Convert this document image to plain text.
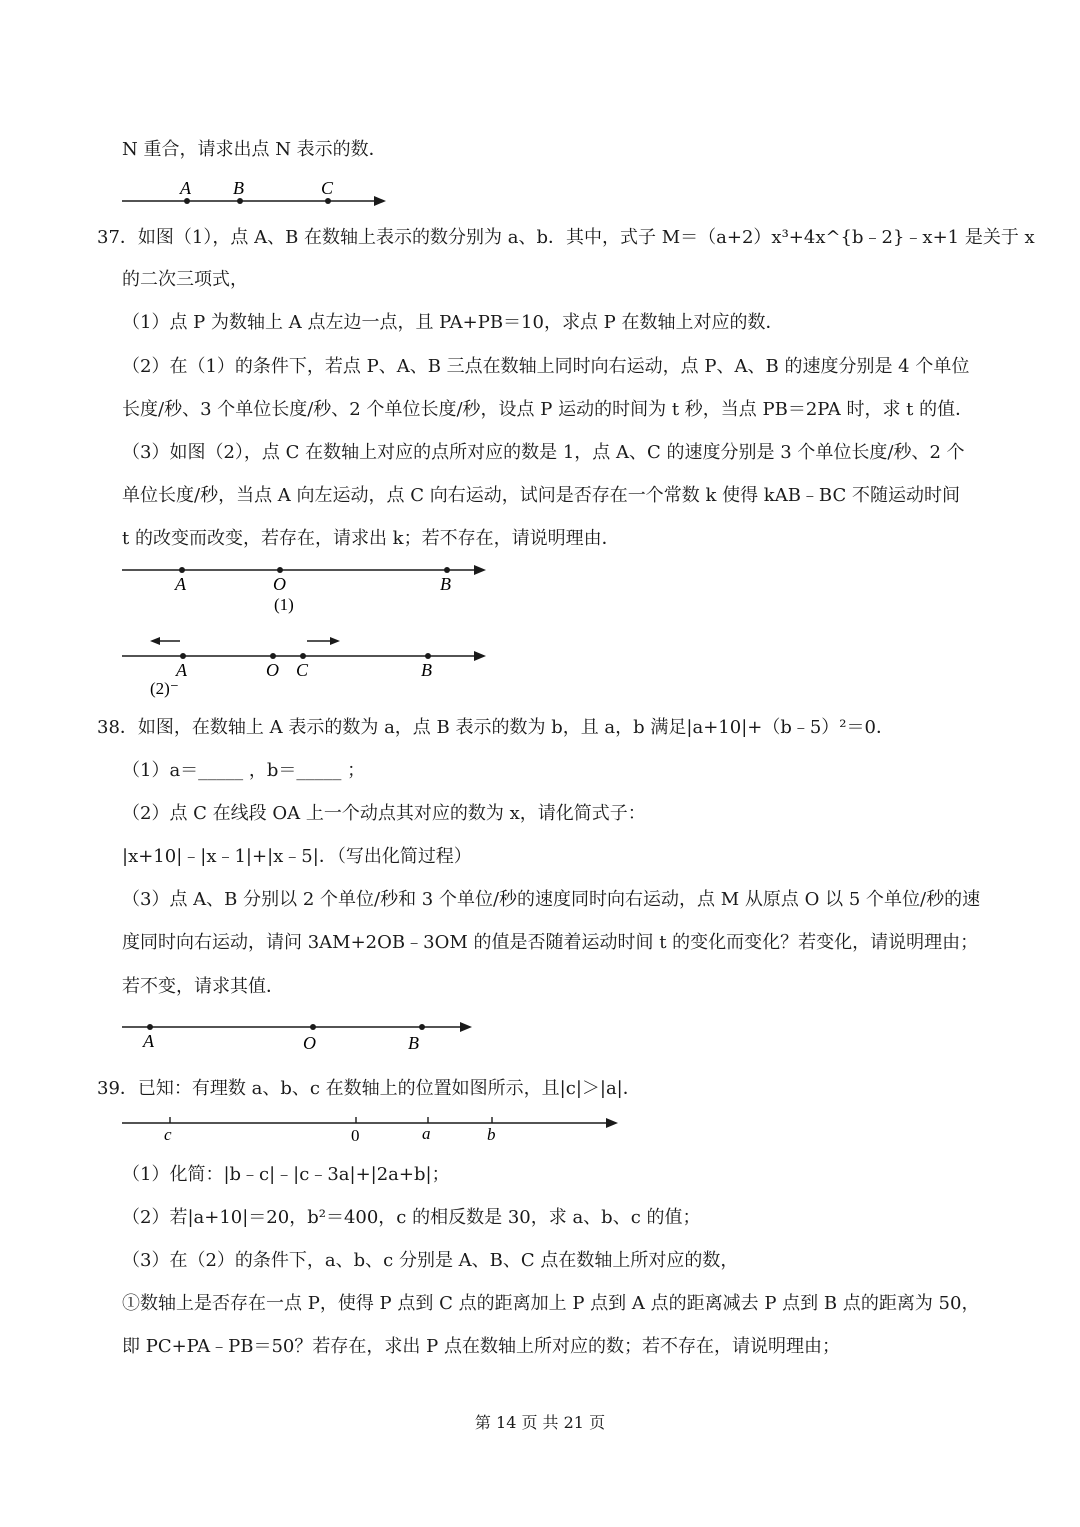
N 重合，请求出点 N 表示的数．
A B	C
37．如图（1），点 A、B 在数轴上表示的数分别为 a、b．其中，式子 M＝（a+2）x³+4x^{b﹣2}﹣x+1 是关于 x
的二次三项式，
（1）点 P 为数轴上 A 点左边一点，且 PA+PB＝10，求点 P 在数轴上对应的数．
（2）在（1）的条件下，若点 P、A、B 三点在数轴上同时向右运动，点 P、A、B 的速度分别是 4 个单位
长度/秒、3 个单位长度/秒、2 个单位长度/秒，设点 P 运动的时间为 t 秒，当点 PB＝2PA 时，求 t 的值．
（3）如图（2），点 C 在数轴上对应的点所对应的数是 1，点 A、C 的速度分别是 3 个单位长度/秒、2 个
单位长度/秒，当点 A 向左运动，点 C 向右运动，试问是否存在一个常数 k 使得 kAB﹣BC 不随运动时间
t 的改变而改变，若存在，请求出 k；若不存在，请说明理由．
A	O	B
(1)
A	O C	B
(2)⁻
38．如图，在数轴上 A 表示的数为 a，点 B 表示的数为 b，且 a，b 满足|a+10|+（b﹣5）²＝0．
（1）a＝_____ ，b＝_____ ；
（2）点 C 在线段 OA 上一个动点其对应的数为 x，请化简式子：
|x+10|﹣|x﹣1|+|x﹣5|．（写出化简过程）
（3）点 A、B 分别以 2 个单位/秒和 3 个单位/秒的速度同时向右运动，点 M 从原点 O 以 5 个单位/秒的速
度同时向右运动，请问 3AM+2OB﹣3OM 的值是否随着运动时间 t 的变化而变化？若变化，请说明理由；
若不变，请求其值．
A	O	B
39．已知：有理数 a、b、c 在数轴上的位置如图所示，且|c|＞|a|．
c	0	a	b
（1）化简：|b﹣c|﹣|c﹣3a|+|2a+b|；
（2）若|a+10|＝20，b²＝400，c 的相反数是 30，求 a、b、c 的值；
（3）在（2）的条件下，a、b、c 分别是 A、B、C 点在数轴上所对应的数，
①数轴上是否存在一点 P，使得 P 点到 C 点的距离加上 P 点到 A 点的距离减去 P 点到 B 点的距离为 50，
即 PC+PA﹣PB＝50？若存在，求出 P 点在数轴上所对应的数；若不存在，请说明理由；
第 14 页 共 21 页
